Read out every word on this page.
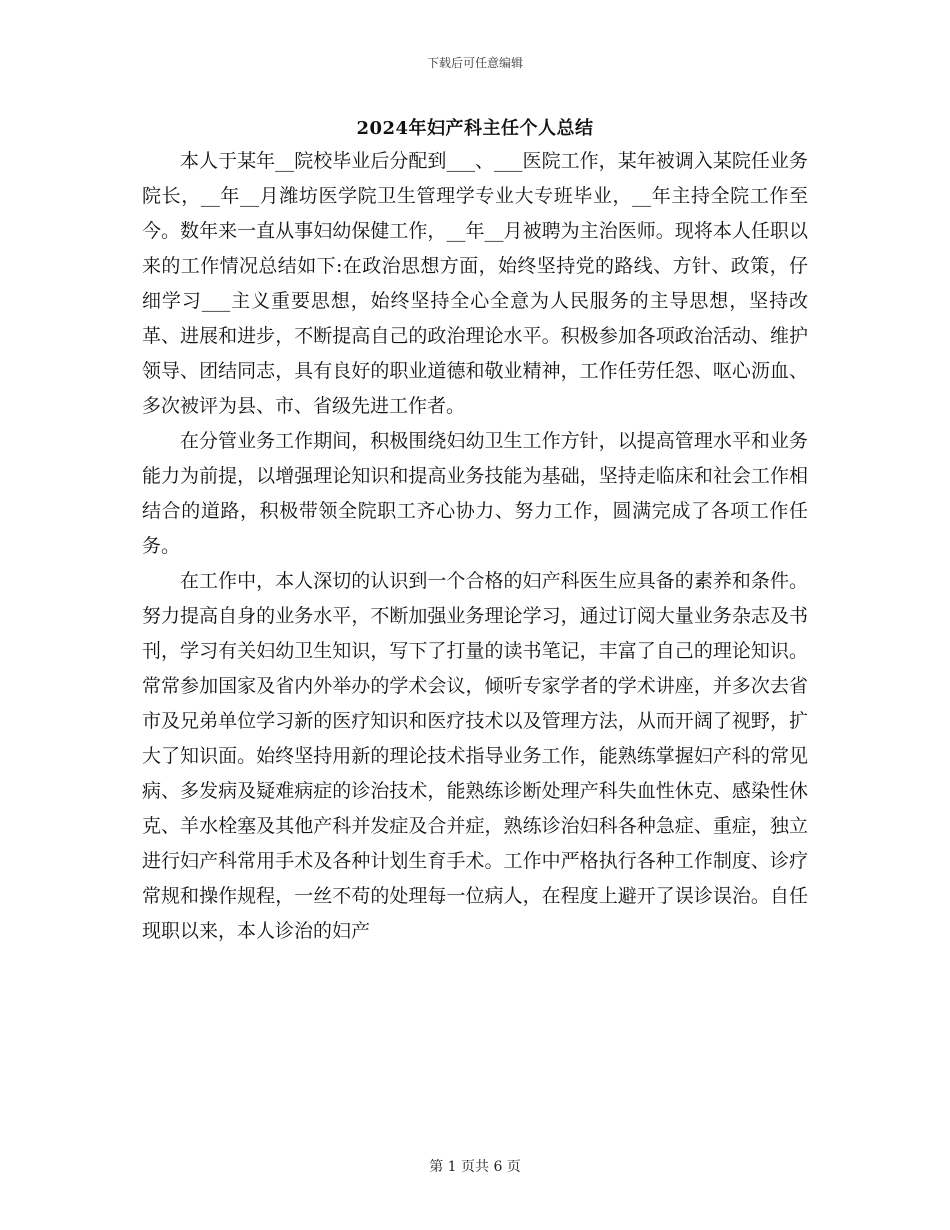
下载后可任意编辑
2024年妇产科主任个人总结

本人于某年__院校毕业后分配到___、___医院工作，某年被调入某院任业务院长，__年__月潍坊医学院卫生管理学专业大专班毕业，__年主持全院工作至今。数年来一直从事妇幼保健工作，__年__月被聘为主治医师。现将本人任职以来的工作情况总结如下:在政治思想方面，始终坚持党的路线、方针、政策，仔细学习___主义重要思想，始终坚持全心全意为人民服务的主导思想，坚持改革、进展和进步，不断提高自己的政治理论水平。积极参加各项政治活动、维护领导、团结同志，具有良好的职业道德和敬业精神，工作任劳任怨、呕心沥血、多次被评为县、市、省级先进工作者。

在分管业务工作期间，积极围绕妇幼卫生工作方针，以提高管理水平和业务能力为前提，以增强理论知识和提高业务技能为基础，坚持走临床和社会工作相结合的道路，积极带领全院职工齐心协力、努力工作，圆满完成了各项工作任务。

在工作中，本人深切的认识到一个合格的妇产科医生应具备的素养和条件。努力提高自身的业务水平，不断加强业务理论学习，通过订阅大量业务杂志及书刊，学习有关妇幼卫生知识，写下了打量的读书笔记，丰富了自己的理论知识。常常参加国家及省内外举办的学术会议，倾听专家学者的学术讲座，并多次去省市及兄弟单位学习新的医疗知识和医疗技术以及管理方法，从而开阔了视野，扩大了知识面。始终坚持用新的理论技术指导业务工作，能熟练掌握妇产科的常见病、多发病及疑难病症的诊治技术，能熟练诊断处理产科失血性休克、感染性休克、羊水栓塞及其他产科并发症及合并症，熟练诊治妇科各种急症、重症，独立进行妇产科常用手术及各种计划生育手术。工作中严格执行各种工作制度、诊疗常规和操作规程，一丝不苟的处理每一位病人，在程度上避开了误诊误治。自任现职以来，本人诊治的妇产

第 1 页共 6 页
